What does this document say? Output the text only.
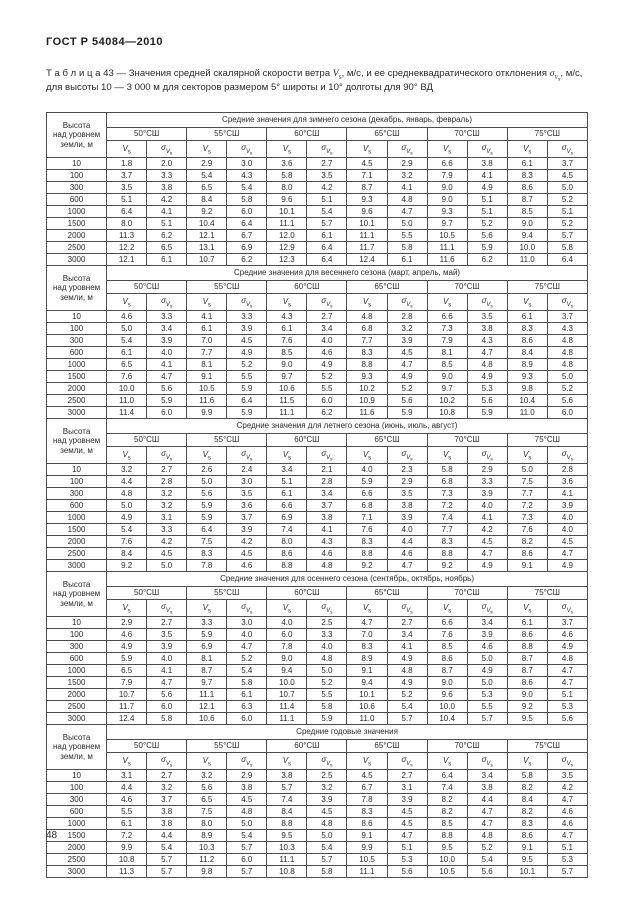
ГОСТ Р 54084—2010

Т а б л и ц а 43 — Значения средней скалярной скорости ветра $V_s$, м/с, и ее среднеквадратического отклонения $\sigma_{V_s}$, м/с, для высоты 10 — 3 000 м для секторов размером 5° широты и 10° долготы для 90° ВД

Высота
над уровнем
земли, м	Средние значения для зимнего сезона (декабрь, январь, февраль)											
	50°СШ		55°СШ		60°СШ		65°СШ		70°СШ		75°СШ	
	$V_s$	$\sigma_{V_s}$	$V_s$	$\sigma_{V_s}$	$V_s$	$\sigma_{V_s}$	$V_s$	$\sigma_{V_s}$	$V_s$	$\sigma_{V_s}$	$V_s$	$\sigma_{V_s}$
10	1.8	2.0	2.9	3.0	3.6	2.7	4.5	2.9	6.6	3.8	6.1	3.7
100	3.7	3.3	5.4	4.3	5.8	3.5	7.1	3.2	7.9	4.1	8.3	4.5
300	3.5	3.8	6.5	5.4	8.0	4.2	8.7	4.1	9.0	4.9	8.6	5.0
600	5.1	4.2	8.4	5.8	9.6	5.1	9.3	4.8	9.0	5.1	8.7	5.2
1000	6.4	4.1	9.2	6.0	10.1	5.4	9.6	4.7	9.3	5.1	8.5	5.1
1500	8.0	5.1	10.4	6.4	11.1	5.7	10.1	5.0	9.7	5.2	9.0	5.2
2000	11.3	6.2	12.1	6.7	12.0	6.1	11.1	5.5	10.5	5.6	9.4	5.7
2500	12.2	6.5	13.1	6.9	12.9	6.4	11.7	5.8	11.1	5.9	10.0	5.8
3000	12.1	6.1	10.7	6.2	12.3	6.4	12.4	6.1	11.6	6.2	11.0	6.4
Высота
над уровнем
земли, м	Средние значения для весеннего сезона (март, апрель, май)											
	50°СШ		55°СШ		60°СШ		65°СШ		70°СШ		75°СШ	
	$V_s$	$\sigma_{V_s}$	$V_s$	$\sigma_{V_s}$	$V_s$	$\sigma_{V_s}$	$V_s$	$\sigma_{V_s}$	$V_s$	$\sigma_{V_s}$	$V_s$	$\sigma_{V_s}$
10	4.6	3.3	4.1	3.3	4.3	2.7	4.8	2.8	6.6	3.5	6.1	3.7
100	5.0	3.4	6.1	3.9	6.1	3.4	6.8	3.2	7.3	3.8	8.3	4.3
300	5.4	3.9	7.0	4.5	7.6	4.0	7.7	3.9	7.9	4.3	8.6	4.8
600	6.1	4.0	7.7	4.9	8.5	4.6	8.3	4.5	8.1	4.7	8.4	4.8
1000	6.5	4.1	8.1	5.2	9.0	4.9	8.8	4.7	8.5	4.8	8.9	4.8
1500	7.6	4.7	9.1	5.5	9.7	5.2	9.3	4.9	9.0	4.9	9.3	5.0
2000	10.0	5.6	10.5	5.9	10.6	5.5	10.2	5.2	9.7	5.3	9.8	5.2
2500	11.0	5.9	11.6	6.4	11.5	6.0	10.9	5.6	10.2	5.6	10.4	5.6
3000	11.4	6.0	9.9	5.9	11.1	6.2	11.6	5.9	10.8	5.9	11.0	6.0
Высота
над уровнем
земли, м	Средние значения для летнего сезона (июнь, июль, август)											
	50°СШ		55°СШ		60°СШ		65°СШ		70°СШ		75°СШ	
	$V_s$	$\sigma_{V_s}$	$V_s$	$\sigma_{V_s}$	$V_s$	$\sigma_{V_s}$	$V_s$	$\sigma_{V_s}$	$V_s$	$\sigma_{V_s}$	$V_s$	$\sigma_{V_s}$
10	3.2	2.7	2.6	2.4	3.4	2.1	4.0	2.3	5.8	2.9	5.0	2.8
100	4.4	2.8	5.0	3.0	5.1	2.8	5.9	2.9	6.8	3.3	7.5	3.6
300	4.8	3.2	5.6	3.5	6.1	3.4	6.6	3.5	7.3	3.9	7.7	4.1
600	5.0	3.2	5.9	3.6	6.6	3.7	6.8	3.8	7.2	4.0	7.2	3.9
1000	4.9	3.1	5.9	3.7	6.9	3.8	7.1	3.9	7.4	4.1	7.3	4.0
1500	5.4	3.3	6.4	3.9	7.4	4.1	7.6	4.0	7.7	4.2	7.6	4.0
2000	7.6	4.2	7.5	4.2	8.0	4.3	8.3	4.4	8.3	4.5	8.2	4.5
2500	8.4	4.5	8.3	4.5	8.6	4.6	8.8	4.6	8.8	4.7	8.6	4.7
3000	9.2	5.0	7.8	4.6	8.8	4.8	9.2	4.7	9.2	4.9	9.1	4.9
Высота
над уровнем
земли, м	Средние значения для осеннего сезона (сентябрь, октябрь, ноябрь)											
	50°СШ		55°СШ		60°СШ		65°СШ		70°СШ		75°СШ	
	$V_s$	$\sigma_{V_s}$	$V_s$	$\sigma_{V_s}$	$V_s$	$\sigma_{V_s}$	$V_s$	$\sigma_{V_s}$	$V_s$	$\sigma_{V_s}$	$V_s$	$\sigma_{V_s}$
10	2.9	2.7	3.3	3.0	4.0	2.5	4.7	2.7	6.6	3.4	6.1	3.7
100	4.6	3.5	5.9	4.0	6.0	3.3	7.0	3.4	7.6	3.9	8.6	4.6
300	4.9	3.9	6.9	4.7	7.8	4.0	8.3	4.1	8.5	4.6	8.8	4.9
600	5.9	4.0	8.1	5.2	9.0	4.8	8.9	4.9	8.6	5.0	8.7	4.8
1000	6.5	4.1	8.7	5.4	9.4	5.0	9.1	4.8	8.7	4.9	8.7	4.7
1500	7.9	4.7	9.7	5.8	10.0	5.2	9.4	4.9	9.0	5.0	8.6	4.7
2000	10.7	5.6	11.1	6.1	10.7	5.5	10.1	5.2	9.6	5.3	9.0	5.1
2500	11.7	6.0	12.1	6.3	11.4	5.8	10.6	5.4	10.0	5.5	9.2	5.3
3000	12.4	5.8	10.6	6.0	11.1	5.9	11.0	5.7	10.4	5.7	9.5	5.6
Высота
над уровнем
земли, м	Средние годовые значения											
	50°СШ		55°СШ		60°СШ		65°СШ		70°СШ		75°СШ	
	$V_s$	$\sigma_{V_s}$	$V_s$	$\sigma_{V_s}$	$V_s$	$\sigma_{V_s}$	$V_s$	$\sigma_{V_s}$	$V_s$	$\sigma_{V_s}$	$V_s$	$\sigma_{V_s}$
10	3.1	2.7	3.2	2.9	3.8	2.5	4.5	2.7	6.4	3.4	5.8	3.5
100	4.4	3.2	5.6	3.8	5.7	3.2	6.7	3.1	7.4	3.8	8.2	4.2
300	4.6	3.7	6.5	4.5	7.4	3.9	7.8	3.9	8.2	4.4	8.4	4.7
600	5.5	3.8	7.5	4.8	8.4	4.5	8.3	4.5	8.2	4.7	8.2	4.6
1000	6.1	3.8	8.0	5.0	8.8	4.8	8.6	4.5	8.5	4.7	8.3	4.6
1500	7.2	4.4	8.9	5.4	9.5	5.0	9.1	4.7	8.8	4.8	8.6	4.7
2000	9.9	5.4	10.3	5.7	10.3	5.4	9.9	5.1	9.5	5.2	9.1	5.1
2500	10.8	5.7	11.2	6.0	11.1	5.7	10.5	5.3	10.0	5.4	9.5	5.3
3000	11.3	5.7	9.8	5.7	10.8	5.8	11.1	5.6	10.5	5.6	10.1	5.7
48
